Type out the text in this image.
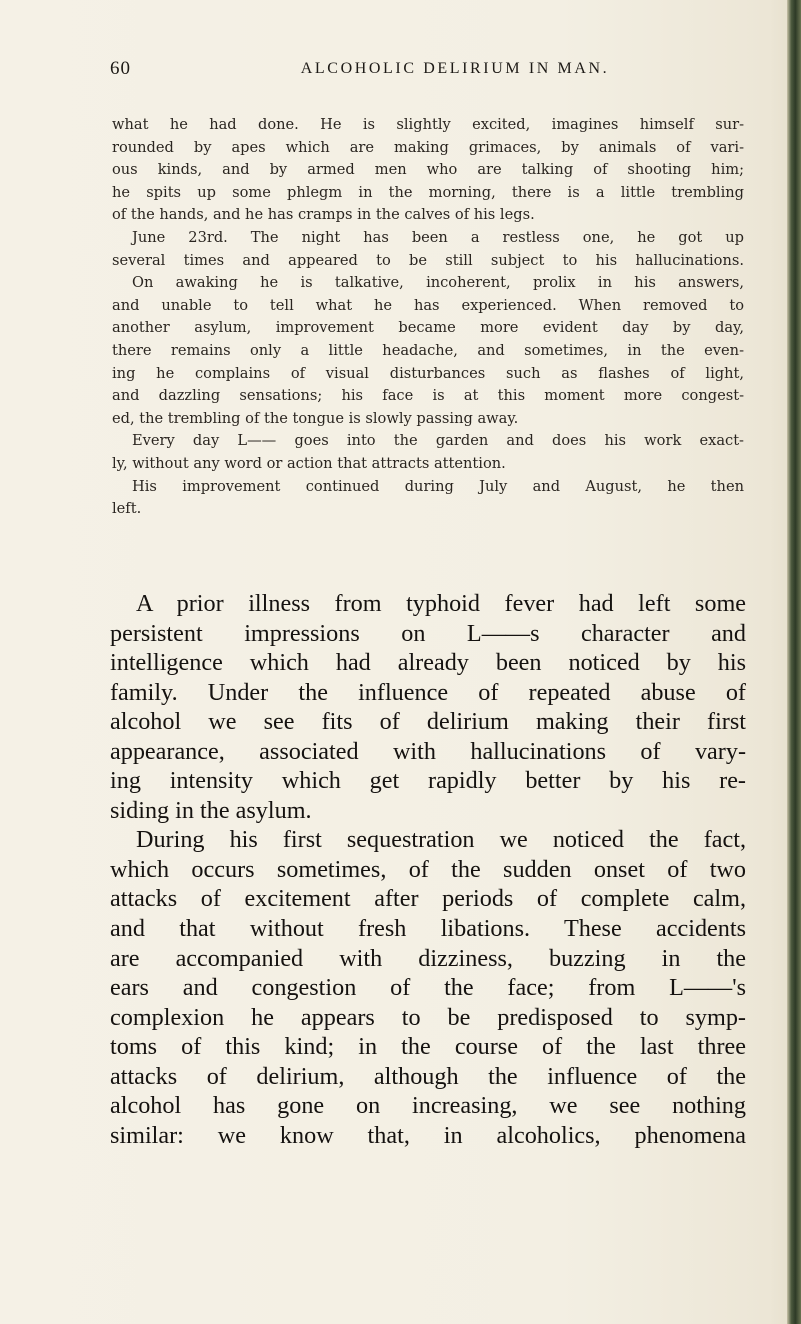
60	ALCOHOLIC DELIRIUM IN MAN.
what he had done. He is slightly excited, imagines himself sur-
rounded by apes which are making grimaces, by animals of vari-
ous kinds, and by armed men who are talking of shooting him;
he spits up some phlegm in the morning, there is a little trembling
of the hands, and he has cramps in the calves of his legs.
June 23rd. The night has been a restless one, he got up
several times and appeared to be still subject to his hallucinations.
On awaking he is talkative, incoherent, prolix in his answers,
and unable to tell what he has experienced. When removed to
another asylum, improvement became more evident day by day,
there remains only a little headache, and sometimes, in the even-
ing he complains of visual disturbances such as flashes of light,
and dazzling sensations; his face is at this moment more congest-
ed, the trembling of the tongue is slowly passing away.
Every day L—— goes into the garden and does his work exact-
ly, without any word or action that attracts attention.
His improvement continued during July and August, he then
left.
A prior illness from typhoid fever had left some
persistent impressions on L——s character and
intelligence which had already been noticed by his
family. Under the influence of repeated abuse of
alcohol we see fits of delirium making their first
appearance, associated with hallucinations of vary-
ing intensity which get rapidly better by his re-
siding in the asylum.
During his first sequestration we noticed the fact,
which occurs sometimes, of the sudden onset of two
attacks of excitement after periods of complete calm,
and that without fresh libations. These accidents
are accompanied with dizziness, buzzing in the
ears and congestion of the face; from L——'s
complexion he appears to be predisposed to symp-
toms of this kind; in the course of the last three
attacks of delirium, although the influence of the
alcohol has gone on increasing, we see nothing
similar: we know that, in alcoholics, phenomena
